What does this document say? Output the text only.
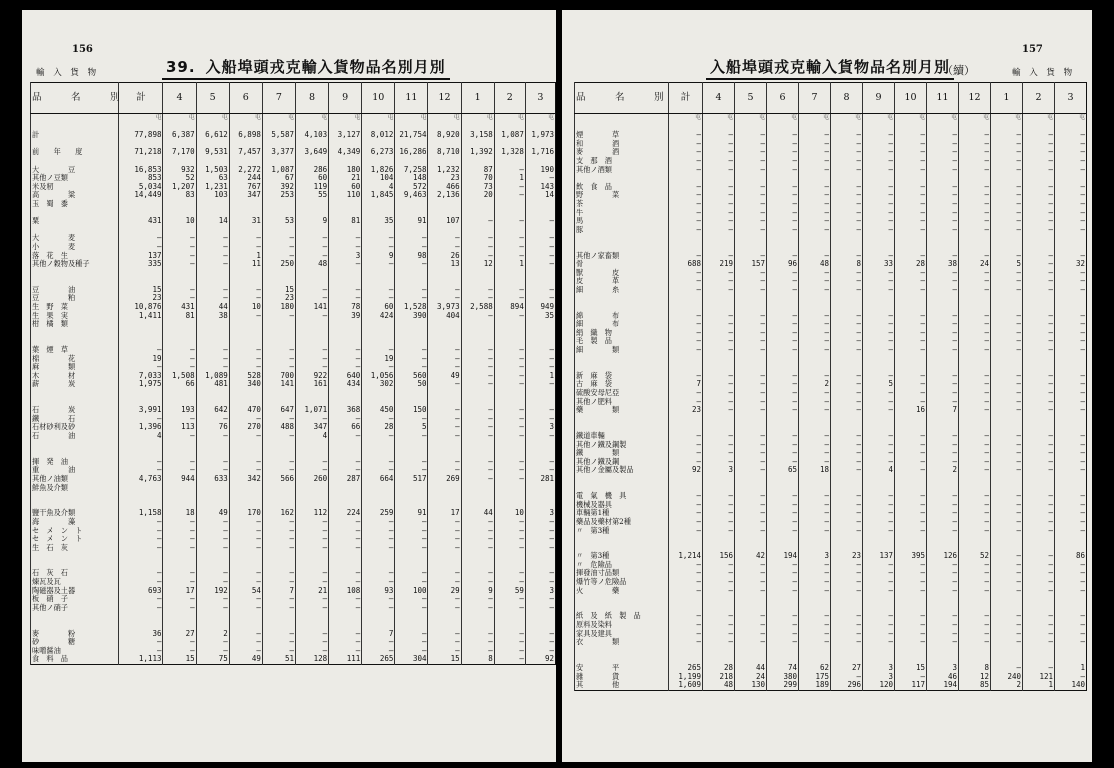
156
輸 入 貨 物	39. 入船埠頭戎克輸入貨物品名別月別
品　名　別	計	4	5	6	7	8	9	10	11	12	1	2	3
	屯	屯	屯	屯	屯	屯	屯	屯	屯	屯	屯	屯	屯

計	77,898	6,387	6,612	6,898	5,587	4,103	3,127	8,012	21,754	8,920	3,158	1,087	1,973

前　　年　　度	71,218	7,170	9,531	7,457	3,377	3,649	4,349	6,273	16,286	8,710	1,392	1,328	1,716

大　　　　豆	16,853	932	1,503	2,272	1,087	286	180	1,826	7,258	1,232	87	—	190
其他ノ豆類	853	52	63	244	67	60	21	104	148	23	70	1	—
米及籾	5,034	1,207	1,231	767	392	119	60	4	572	466	73	—	143
高　　　　粱	14,449	83	103	347	253	55	110	1,845	9,463	2,136	20	—	14
玉　蜀　黍													

粟	431	10	14	31	53	9	81	35	91	107	—	—	—

大　　　　麦	—	—	—	—	—	—	—	—	—	—	—	—	—
小　　　　麦	—	—	—	—	—	—	—	—	—	—	—	—	—
落　花　生	137	—	—	1	—	—	3	9	98	26	—	—	—
其他ノ穀物及種子	335	—	—	11	250	48	—	—	—	13	12	1	—

豆　　　　油	15	—	—	—	15	—	—	—	—	—	—	—	—
豆　　　　粕	23	—	—	—	23	—	—	—	—	—	—	—	—
生　野　菜	10,876	431	44	10	180	141	78	60	1,528	3,973	2,588	894	949
生　果　実	1,411	81	38	—	—	—	39	424	390	404	—	—	35
柑　橘　類													

葉　煙　草	—	—	—	—	—	—	—	—	—	—	—	—	—
棉　　　　花	19	—	—	—	—	—	—	19	—	—	—	—	—
麻　　　　類	—	—	—	—	—	—	—	—	—	—	—	—	—
木　　　　材	7,033	1,508	1,089	528	700	922	640	1,056	560	49	—	—	1
薪　　　　炭	1,975	66	481	340	141	161	434	302	50	—	—	—	—

石　　　　炭	3,991	193	642	470	647	1,071	368	450	150	—	—	—	—
鐵　　　　石	—	—	—	—	—	—	—	—	—	—	—	—	—
石材砂利及砂	1,396	113	76	270	488	347	66	28	5	—	—	—	3
石　　　　油	4	—	—	—	—	4	—	—	—	—	—	—	—

揮　発　油	—	—	—	—	—	—	—	—	—	—	—	—	—
重　　　　油	—	—	—	—	—	—	—	—	—	—	—	—	—
其他ノ油類	4,763	944	633	342	566	260	287	664	517	269	—	—	281
鮮魚及介類													

鹽干魚及介類	1,158	18	49	170	162	112	224	259	91	17	44	10	3
海　　　　藻	—	—	—	—	—	—	—	—	—	—	—	—	—
セ　メ　ン　ト	—	—	—	—	—	—	—	—	—	—	—	—	—
セ　メ　ン　ト	—	—	—	—	—	—	—	—	—	—	—	—	—
生　石　灰	—	—	—	—	—	—	—	—	—	—	—	—	—

石　灰　石	—	—	—	—	—	—	—	—	—	—	—	—	—
煉瓦及瓦	—	—	—	—	—	—	—	—	—	—	—	—	—
陶磁器及土器	693	17	192	54	7	21	108	93	100	29	9	59	3
板　硝　子	—	—	—	—	—	—	—	—	—	—	—	—	—
其他ノ硝子	—	—	—	—	—	—	—	—	—	—	—	—	—

麥　　　　粉	36	27	2	—	—	—	—	7	—	—	—	—	—
砂　　　　糖	—	—	—	—	—	—	—	—	—	—	—	—	—
味噌醤油	—	—	—	—	—	—	—	—	—	—	—	—	—
食　料　品	1,113	15	75	49	51	128	111	265	304	15	8	—	92
157
輸 入 貨 物
入船埠頭戎克輸入貨物品名別月別
（續）
品　名　別	計	4	5	6	7	8	9	10	11	12	1	2	3
	屯	屯	屯	屯	屯	屯	屯	屯	屯	屯	屯	屯	屯

煙　　　　草	—	—	—	—	—	—	—	—	—	—	—	—	—
和　　　　酒	—	—	—	—	—	—	—	—	—	—	—	—	—
麥　　　　酒	—	—	—	—	—	—	—	—	—	—	—	—	—
支　那　酒	—	—	—	—	—	—	—	—	—	—	—	—	—
其他ノ酒類	—	—	—	—	—	—	—	—	—	—	—	—	—

飲　食　品	—	—	—	—	—	—	—	—	—	—	—	—	—
野　　　　菜	—	—	—	—	—	—	—	—	—	—	—	—	—
茶	—	—	—	—	—	—	—	—	—	—	—	—	—
牛	—	—	—	—	—	—	—	—	—	—	—	—	—
馬	—	—	—	—	—	—	—	—	—	—	—	—	—
豚	—	—	—	—	—	—	—	—	—	—	—	—	—

其他ノ家畜類	—	—	—	—	—	—	—	—	—	—	—	—	—
骨	688	219	157	96	48	8	33	28	38	24	5	—	32
獸　　　　皮	—	—	—	—	—	—	—	—	—	—	—	—	—
皮　　　　革	—	—	—	—	—	—	—	—	—	—	—	—	—
細　　　　糸	—	—	—	—	—	—	—	—	—	—	—	—	—

綿　　　　布	—	—	—	—	—	—	—	—	—	—	—	—	—
細　　　　布	—	—	—	—	—	—	—	—	—	—	—	—	—
絹　織　物	—	—	—	—	—	—	—	—	—	—	—	—	—
毛　製　品	—	—	—	—	—	—	—	—	—	—	—	—	—
細　　　　類	—	—	—	—	—	—	—	—	—	—	—	—	—

新　麻　袋	—	—	—	—	—	—	—	—	—	—	—	—	—
古　麻　袋	7	—	—	—	2	—	5	—	—	—	—	—	—
硫酸安母尼亞	—	—	—	—	—	—	—	—	—	—	—	—	—
其他ノ肥料	—	—	—	—	—	—	—	—	—	—	—	—	—
藥　　　　類	23	—	—	—	—	—	—	16	7	—	—	—	—

鐵道車輛	—	—	—	—	—	—	—	—	—	—	—	—	—
其他ノ鐵及鋼製	—	—	—	—	—	—	—	—	—	—	—	—	—
鐵　　　　類	—	—	—	—	—	—	—	—	—	—	—	—	—
其他ノ鐵及鋼	—	—	—	—	—	—	—	—	—	—	—	—	—
其他ノ金屬及製品	92	3	—	65	18	—	4	—	2	—	—	—	—

電　氣　機　具	—	—	—	—	—	—	—	—	—	—	—	—	—
機械及器具	—	—	—	—	—	—	—	—	—	—	—	—	—
車輛第1種	—	—	—	—	—	—	—	—	—	—	—	—	—
藥品及藥材第2種	—	—	—	—	—	—	—	—	—	—	—	—	—
〃　第3種	—	—	—	—	—	—	—	—	—	—	—	—	—

〃　第3種	1,214	156	42	194	3	23	137	395	126	52	—	—	86
〃　危險品	—	—	—	—	—	—	—	—	—	—	—	—	—
揮發油寸品類	—	—	—	—	—	—	—	—	—	—	—	—	—
爆竹等ノ危險品	—	—	—	—	—	—	—	—	—	—	—	—	—
火　　　　藥	—	—	—	—	—	—	—	—	—	—	—	—	—

紙　及　紙　製　品	—	—	—	—	—	—	—	—	—	—	—	—	—
原料及染料	—	—	—	—	—	—	—	—	—	—	—	—	—
家具及建具	—	—	—	—	—	—	—	—	—	—	—	—	—
衣　　　　類	—	—	—	—	—	—	—	—	—	—	—	—	—

安　　　　平	265	28	44	74	62	27	3	15	3	8	—	—	1
雜　　　　貨	1,199	218	24	380	175	—	3	—	46	12	240	121	—
其　　　　他	1,609	48	130	299	189	296	120	117	194	85	2	1	140
